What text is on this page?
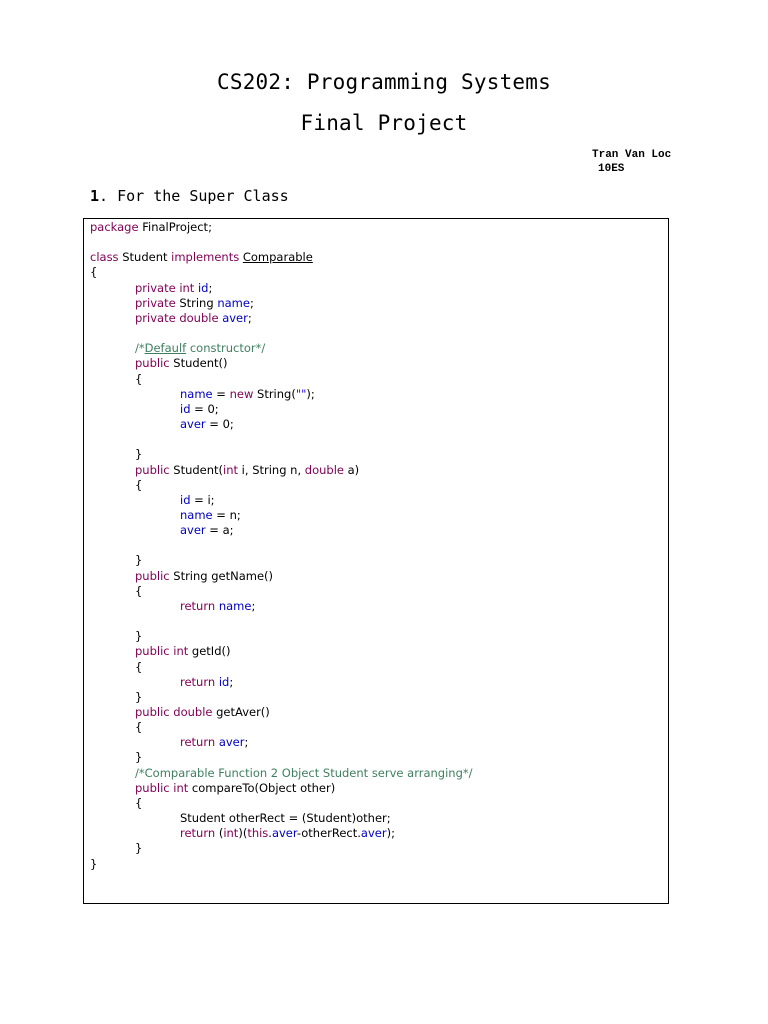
CS202: Programming Systems
Final Project
Tran Van Loc
10ES
1. For the Super Class
package FinalProject;
class Student implements Comparable
{
	private int id;
	private String name;
	private double aver;
	/*Defaulf constructor*/
	public Student()
	{
		name = new String("");
		id = 0;
		aver = 0;
	}
	public Student(int i, String n, double a)
	{
		id = i;
		name = n;
		aver = a;
	}
	public String getName()
	{
		return name;
	}
	public int getId()
	{
		return id;
	}
	public double getAver()
	{
		return aver;
	}
	/*Comparable Function 2 Object Student serve arranging*/
	public int compareTo(Object other)
	{
		Student otherRect = (Student)other;
		return (int)(this.aver-otherRect.aver);
	}
}
